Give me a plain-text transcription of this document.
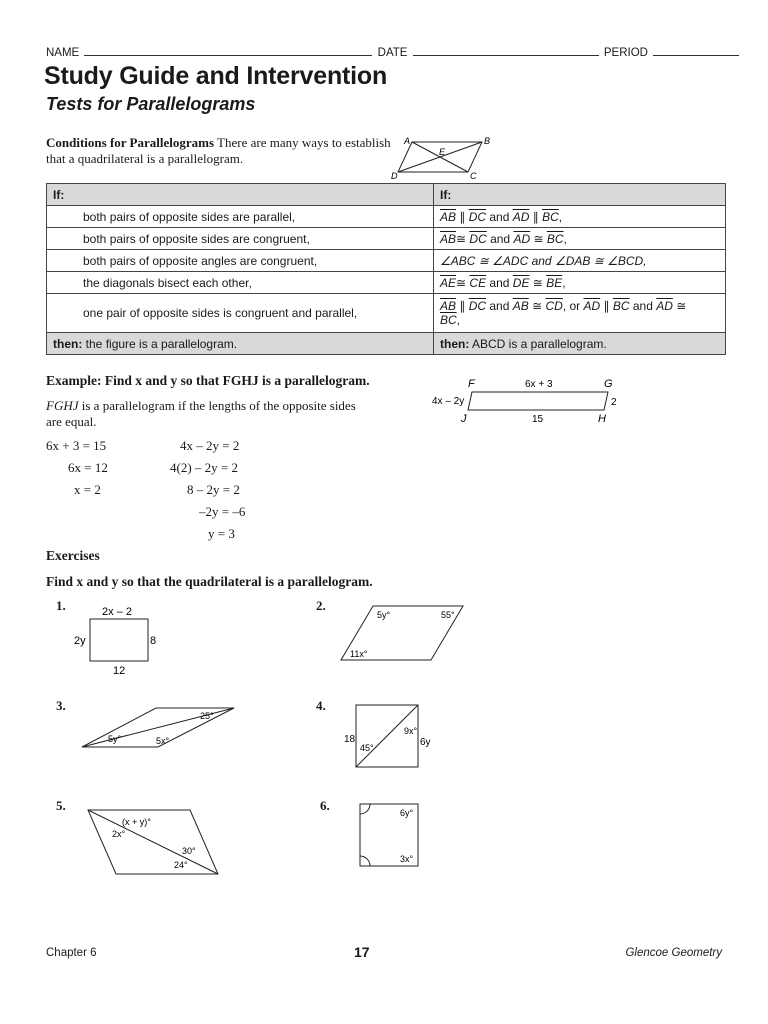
NAME	DATE	PERIOD
Study Guide and Intervention
Tests for Parallelograms
Conditions for Parallelograms There are many ways to establish that a quadrilateral is a parallelogram.
A	B
C
D
E
If:	If:
both pairs of opposite sides are parallel,	$\overline{AB}$ ∥ $\overline{DC}$ and $\overline{AD}$ ∥ $\overline{BC}$,
both pairs of opposite sides are congruent,	$\overline{AB}≅$ $\overline{DC}$ and $\overline{AD}$ ≅ $\overline{BC}$,
both pairs of opposite angles are congruent,	∠ABC ≅ ∠ADC and ∠DAB ≅ ∠BCD,
the diagonals bisect each other,	$\overline{AE}≅$ $\overline{CE}$ and $\overline{DE}$ ≅ $\overline{BE}$,
one pair of opposite sides is congruent and parallel,	$\overline{AB}$ ∥ $\overline{DC}$ and $\overline{AB}$ ≅ $\overline{CD}$, or $\overline{AD}$ ∥ $\overline{BC}$ and $\overline{AD}$ ≅
$\overline{BC}$,
then: the figure is a parallelogram.	then: ABCD is a parallelogram.
Example: Find x and y so that FGHJ is a parallelogram.
FGHJ is a parallelogram if the lengths of the opposite sides are equal.
F	G
H
J
6x + 3
4x – 2y	2
15
6x + 3 = 15
6x = 12
x = 2
4x – 2y = 2
4(2) – 2y = 2
8 – 2y = 2
–2y = –6
y = 3
Exercises
Find x and y so that the quadrilateral is a parallelogram.
1.	2x – 2
2y	8
12
2.
5y°	55°
11x°
3.
25°
5y°	5x°
4.
18
9x°
45°	6y
5.
(x + y)°
2x°
30°
24°
6.	6y°
3x°
Chapter 6	17	Glencoe Geometry
